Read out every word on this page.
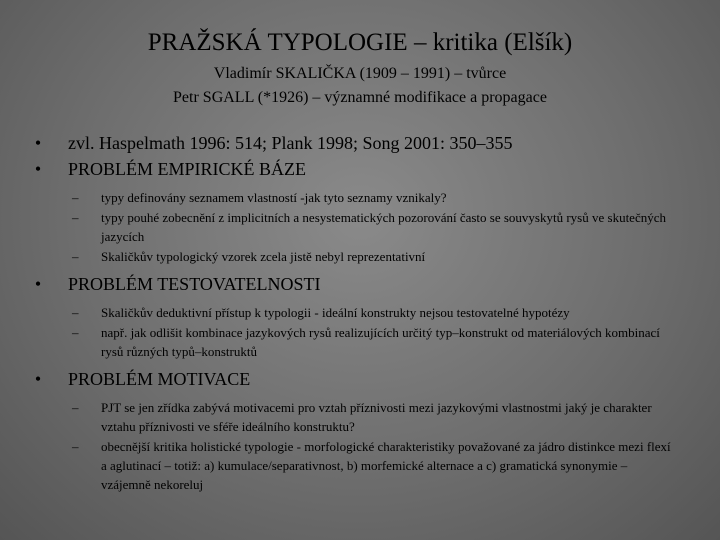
PRAŽSKÁ TYPOLOGIE – kritika (Elšík)
Vladimír SKALIČKA (1909 – 1991) – tvůrce
Petr SGALL (*1926) – významné modifikace a propagace
•	zvl. Haspelmath 1996: 514; Plank 1998; Song 2001: 350–355
•	PROBLÉM EMPIRICKÉ BÁZE
– typy definovány seznamem vlastností -jak tyto seznamy vznikaly?
– typy pouhé zobecnění z implicitních a nesystematických pozorování často se souvyskytů rysů ve skutečných jazycích
– Skaličkův typologický vzorek zcela jistě nebyl reprezentativní
•	PROBLÉM TESTOVATELNOSTI
– Skaličkův deduktivní přístup k typologii - ideální konstrukty nejsou testovatelné hypotézy
– např. jak odlišit kombinace jazykových rysů realizujících určitý typ–konstrukt od materiálových kombinací rysů různých typů–konstruktů
•	PROBLÉM MOTIVACE
– PJT se jen zřídka zabývá motivacemi pro vztah příznivosti mezi jazykovými vlastnostmi jaký je charakter vztahu příznivosti ve sféře ideálního konstruktu?
– obecnější kritika holistické typologie - morfologické charakteristiky považované za jádro distinkce mezi flexí a aglutinací – totiž: a) kumulace/separativnost, b) morfemické alternace a c) gramatická synonymie – vzájemně nekoreluj
